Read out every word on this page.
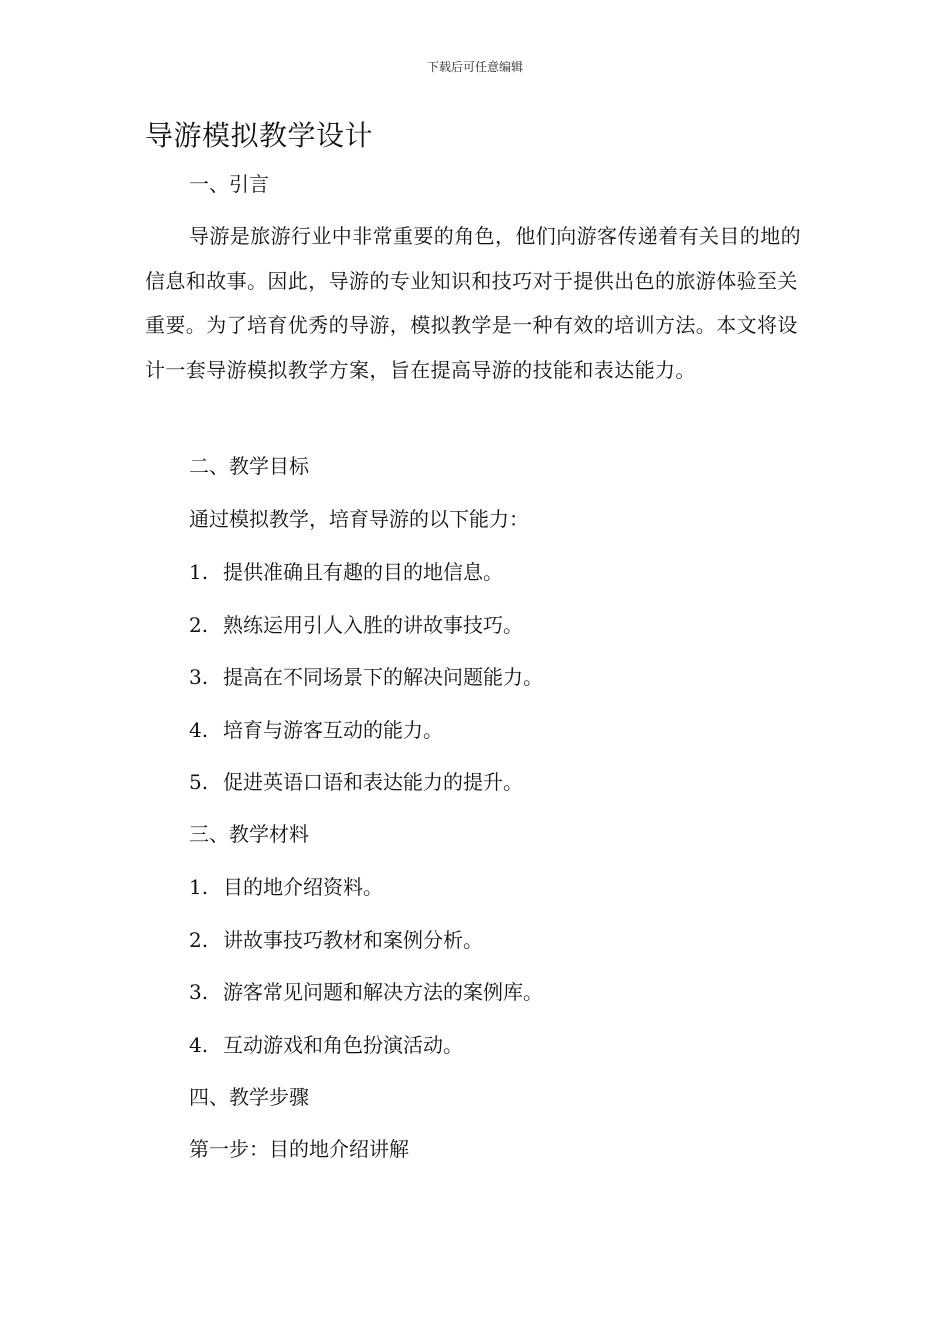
下载后可任意编辑
导游模拟教学设计

一、引言

导游是旅游行业中非常重要的角色，他们向游客传递着有关目的地的信息和故事。因此，导游的专业知识和技巧对于提供出色的旅游体验至关重要。为了培育优秀的导游，模拟教学是一种有效的培训方法。本文将设计一套导游模拟教学方案，旨在提高导游的技能和表达能力。

二、教学目标

通过模拟教学，培育导游的以下能力：

1. 提供准确且有趣的目的地信息。

2. 熟练运用引人入胜的讲故事技巧。

3. 提高在不同场景下的解决问题能力。

4. 培育与游客互动的能力。

5. 促进英语口语和表达能力的提升。

三、教学材料

1. 目的地介绍资料。

2. 讲故事技巧教材和案例分析。

3. 游客常见问题和解决方法的案例库。

4. 互动游戏和角色扮演活动。

四、教学步骤

第一步：目的地介绍讲解
